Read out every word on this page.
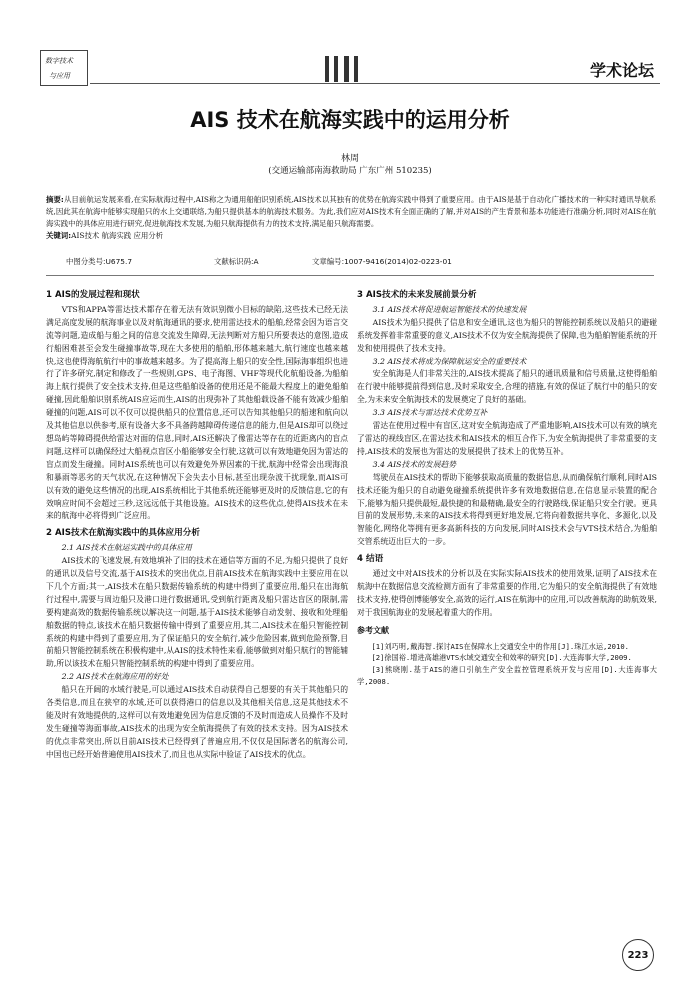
数字技术
与应用	学术论坛
AIS 技术在航海实践中的运用分析
林周
(交通运输部南海救助局 广东广州 510235)
摘要:从目前航运发展来看,在实际航海过程中,AIS称之为通用船舶识别系统,AIS技术以其独有的优势在航海实践中得到了重要应用。由于AIS是基于自动化广播技术的一种实时通讯导航系统,因此其在航海中能够实现船只的水上交通联络,为船只提供基本的航海技术服务。为此,我们应对AIS技术有全面正确的了解,并对AIS的产生背景和基本功能进行准确分析,同时对AIS在航海实践中的具体应用进行研究,促进航海技术发展,为船只航海提供有力的技术支持,满足船只航海需要。
关键词:AIS技术 航海实践 应用分析
中图分类号:U675.7	文献标识码:A	文章编号:1007-9416(2014)02-0223-01
1 AIS的发展过程和现状

VTS和APPA等雷达技术都存在着无法有效识别微小目标的缺陷,这些技术已经无法满足高度发展的航海事业以及对航海通讯的要求,使用雷达技术的船舶,经常会因为语言交流等问题,造成船与船之间的信息交流发生障碍,无法判断对方船只所要表达的意图,造成行船困难甚至会发生碰撞事故等,现在大多使用的船舶,形体越来越大,航行速度也越来越快,这也使得海航航行中的事故越来越多。为了提高海上船只的安全性,国际海事组织也进行了许多研究,制定和修改了一些规则,GPS、电子海图、VHF等现代化航船设备,为船舶海上航行提供了安全技术支持,但是这些船舶设备的使用还是不能最大程度上的避免船舶碰撞,因此船舶识别系统AIS应运而生,AIS的出现弥补了其他船载设备不能有效减少船舶碰撞的问题,AIS可以不仅可以提供船只的位置信息,还可以告知其他船只的船速和航向以及其他信息以供参考,原有设备大多不具备跨越障碍传递信息的能力,但是AIS却可以绕过想岛屿等障碍提供给雷达对面的信息,同时,AIS还解决了像雷达等存在的近距离内的盲点问题,这样可以确保经过大船视点盲区小船能够安全行驶,这就可以有效地避免因为雷达的盲点而发生碰撞。同时AIS系统也可以有效避免外界因素的干扰,航海中经常会出现海浪和暴雨等恶劣的天气状况,在这种情况下会失去小目标,甚至出现杂波干扰现象,而AIS可以有效的避免这些情况的出现,AIS系统相比于其他系统还能够更及时的反馈信息,它的有效响应时间不会超过三秒,这远远低于其他设施。AIS技术的这些优点,使得AIS技术在未来的航海中必将得到广泛应用。

2 AIS技术在航海实践中的具体应用分析
2.1 AIS技术在航运实践中的具体应用

AIS技术的飞速发展,有效地填补了旧的技术在通信等方面的不足,为船只提供了良好的通讯以及信号交流,基于AIS技术的突出优点,目前AIS技术在航海实践中主要应用在以下几个方面;其一,AIS技术在船只数据传输系统的构建中得到了重要应用,船只在出海航行过程中,需要与周边船只及港口进行数据通讯,受到航行距离及船只雷达盲区的限制,需要构建高效的数据传输系统以解决这一问题,基于AIS技术能够自动发射、接收和处理船舶数据的特点,该技术在船只数据传输中得到了重要应用,其二,AIS技术在船只智能控制系统的构建中得到了重要应用,为了保证船只的安全航行,减少危险因素,做到危险预警,目前船只智能控制系统在积极构建中,从AIS的技术特性来看,能够做到对船只航行的智能辅助,所以该技术在船只智能控制系统的构建中得到了重要应用。

2.2 AIS技术在航海应用的好处

船只在开阔的水域行驶是,可以通过AIS技术自动获得自己想要的有关于其他船只的各类信息,而且在狭窄的水域,还可以获得港口的信息以及其他相关信息,这是其他技术不能及时有效地提供的,这样可以有效地避免因为信息反馈的不及时而造成人员操作不及时发生碰撞等海面事故,AIS技术的出现为安全航海提供了有效的技术支持。因为AIS技术的优点非常突出,所以目前AIS技术已经得到了普遍应用,不仅仅是国际著名的航海公司,中国也已经开始普遍使用AIS技术了,而且也从实际中验证了AIS技术的优点。

3 AIS技术的未来发展前景分析
3.1 AIS技术将促进航运智能技术的快速发展

AIS技术为船只提供了信息和安全通讯,这也为船只的智能控制系统以及船只的避碰系统发挥着非常重要的意义,AIS技术不仅为安全航海提供了保障,也为船舶智能系统的开发和使用提供了技术支持。

3.2 AIS技术将成为保障航运安全的重要技术

安全航海是人们非常关注的,AIS技术提高了船只的通讯质量和信号质量,这使得船舶在行驶中能够提前得到信息,及时采取安全,合理的措施,有效的保证了航行中的船只的安全,为未来安全航海技术的发展奠定了良好的基础。

3.3 AIS技术与雷达技术优势互补

雷达在使用过程中有盲区,这对安全航海造成了严重地影响,AIS技术可以有效的填充了雷达的视线盲区,在雷达技术和AIS技术的相互合作下,为安全航海提供了非常重要的支持,AIS技术的发展也为雷达的发展提供了技术上的优势互补。

3.4 AIS技术的发展趋势

驾驶员在AIS技术的帮助下能够获取高质量的数据信息,从而确保航行顺利,同时AIS技术还能为船只的自动避免碰撞系统提供许多有效地数据信息,在信息显示装置的配合下,能够为船只提供最短,最快捷的和最精确,最安全的行驶路线,保证船只安全行驶。更具目前的发展形势,未来的AIS技术将得到更好地发展,它将向着数据共享化、多源化,以及智能化,网络化等拥有更多高新科技的方向发展,同时AIS技术会与VTS技术结合,为船舶交管系统迈出巨大的一步。

4 结语

通过文中对AIS技术的分析以及在实际实际AIS技术的使用效果,证明了AIS技术在航海中在数据信息交流检测方面有了非常重要的作用,它为船只的安全航海提供了有效地技术支持,使得创博能够安全,高效的运行,AIS在航海中的应用,可以改善航海的助航效果,对于我国航海业的发展起着重大的作用。

参考文献

[1]刘巧明,戴海智.探讨AIS在保障水上交通安全中的作用[J].珠江水运,2010.

[2]徐国裕.增进高雄港VTS水域交通安全和效率的研究[D].大连海事大学,2009.

[3]熊晓刚.基于AIS的港口引航生产安全监控管理系统开发与应用[D].大连海事大学,2008.

223
